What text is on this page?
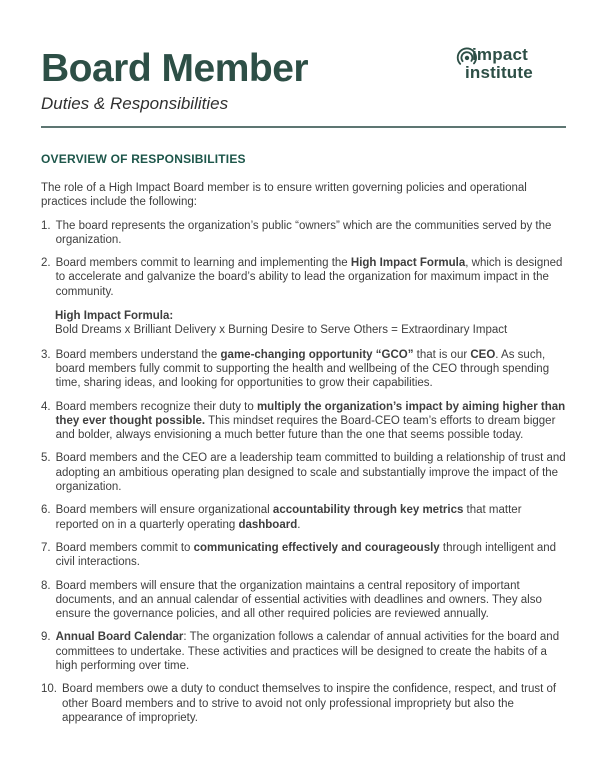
Board Member
Duties & Responsibilities
impact
institute
OVERVIEW OF RESPONSIBILITIES

The role of a High Impact Board member is to ensure written governing policies and operational practices include the following:

1. The board represents the organization’s public “owners” which are the communities served by the organization.
2. Board members commit to learning and implementing the High Impact Formula, which is designed to accelerate and galvanize the board’s ability to lead the organization for maximum impact in the community.
High Impact Formula:
Bold Dreams x Brilliant Delivery x Burning Desire to Serve Others = Extraordinary Impact
3. Board members understand the game-changing opportunity “GCO” that is our CEO. As such, board members fully commit to supporting the health and wellbeing of the CEO through spending time, sharing ideas, and looking for opportunities to grow their capabilities.
4. Board members recognize their duty to multiply the organization’s impact by aiming higher than they ever thought possible. This mindset requires the Board-CEO team’s efforts to dream bigger and bolder, always envisioning a much better future than the one that seems possible today.
5. Board members and the CEO are a leadership team committed to building a relationship of trust and adopting an ambitious operating plan designed to scale and substantially improve the impact of the organization.
6. Board members will ensure organizational accountability through key metrics that matter reported on in a quarterly operating dashboard.
7. Board members commit to communicating effectively and courageously through intelligent and civil interactions.
8. Board members will ensure that the organization maintains a central repository of important documents, and an annual calendar of essential activities with deadlines and owners. They also ensure the governance policies, and all other required policies are reviewed annually.
9. Annual Board Calendar: The organization follows a calendar of annual activities for the board and committees to undertake. These activities and practices will be designed to create the habits of a high performing over time.
10. Board members owe a duty to conduct themselves to inspire the confidence, respect, and trust of other Board members and to strive to avoid not only professional impropriety but also the appearance of impropriety.
